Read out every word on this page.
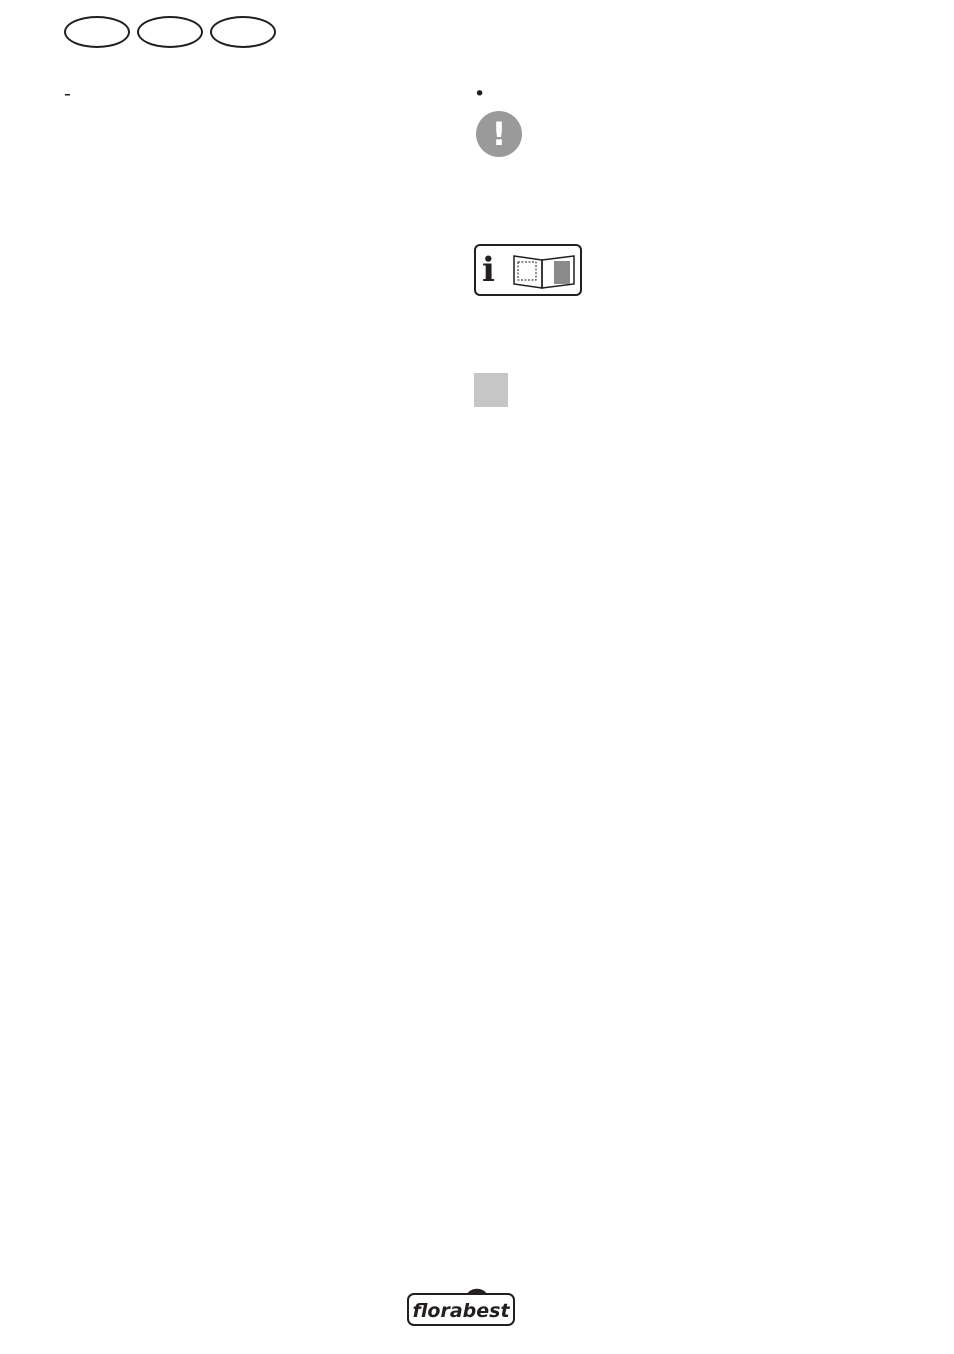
-	•

!
i
florabest
